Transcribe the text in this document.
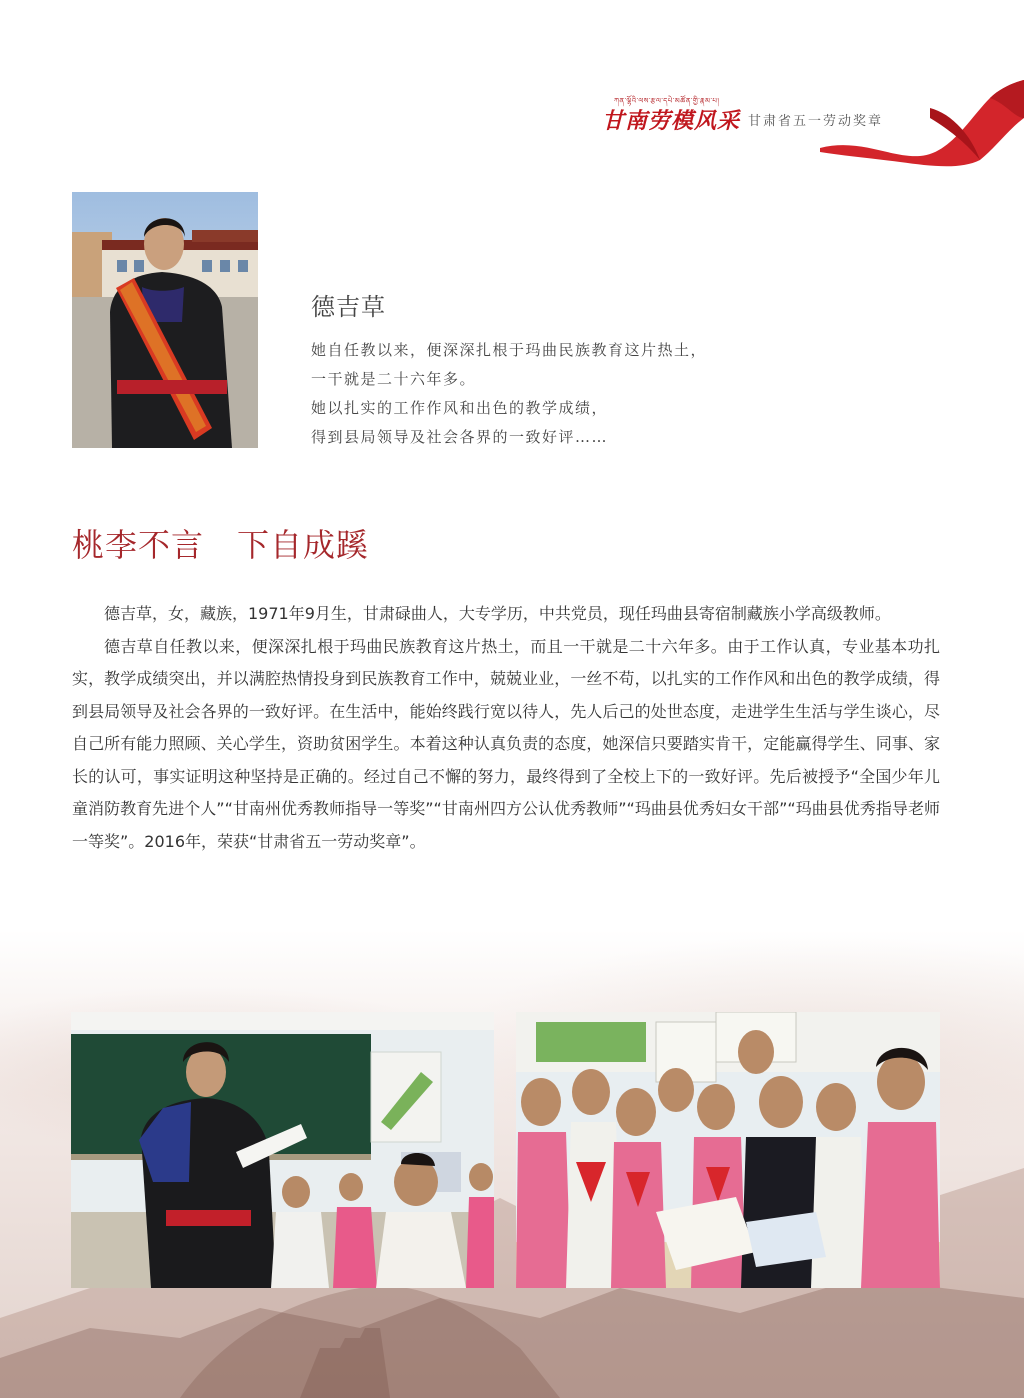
ཀན་ལྷོའི་ལས་རྩལ་དཔེ་མཚོན་གྱི་རྣམ་པ།
甘南劳模风采 甘肃省五一劳动奖章
德吉草
她自任教以来，便深深扎根于玛曲民族教育这片热土，
一干就是二十六年多。
她以扎实的工作作风和出色的教学成绩，
得到县局领导及社会各界的一致好评……
桃李不言　下自成蹊

德吉草，女，藏族，1971年9月生，甘肃碌曲人，大专学历，中共党员，现任玛曲县寄宿制藏族小学高级教师。

德吉草自任教以来，便深深扎根于玛曲民族教育这片热土，而且一干就是二十六年多。由于工作认真，专业基本功扎实，教学成绩突出，并以满腔热情投身到民族教育工作中，兢兢业业，一丝不苟，以扎实的工作作风和出色的教学成绩，得到县局领导及社会各界的一致好评。在生活中，能始终践行宽以待人，先人后己的处世态度，走进学生生活与学生谈心，尽自己所有能力照顾、关心学生，资助贫困学生。本着这种认真负责的态度，她深信只要踏实肯干，定能赢得学生、同事、家长的认可，事实证明这种坚持是正确的。经过自己不懈的努力，最终得到了全校上下的一致好评。先后被授予“全国少年儿童消防教育先进个人”“甘南州优秀教师指导一等奖”“甘南州四方公认优秀教师”“玛曲县优秀妇女干部”“玛曲县优秀指导老师一等奖”。2016年，荣获“甘肃省五一劳动奖章”。
